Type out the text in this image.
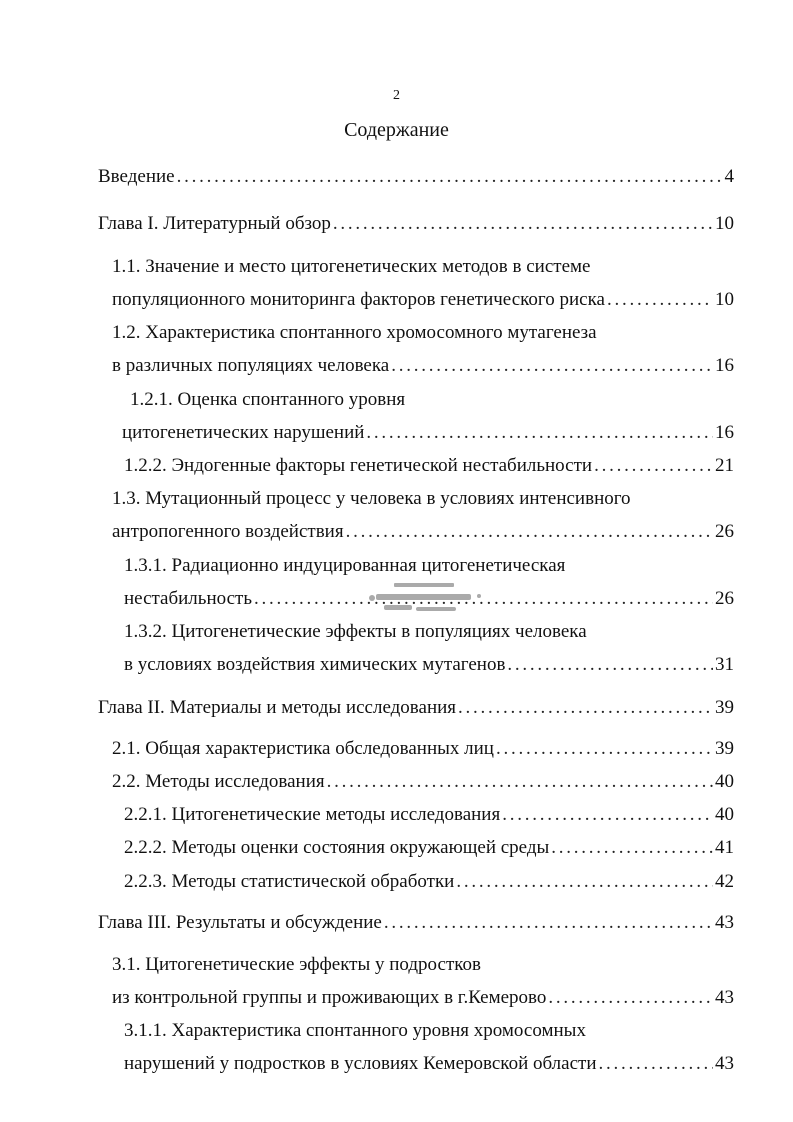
2
Содержание
Введение . . .	4
Глава I. Литературный обзор . . .	10
1.1. Значение и место цитогенетических методов в системе
популяционного мониторинга факторов генетического риска . . .	10
1.2. Характеристика спонтанного хромосомного мутагенеза
в различных популяциях человека . . .	16
1.2.1. Оценка спонтанного уровня
цитогенетических нарушений . . .	16
1.2.2. Эндогенные факторы генетической нестабильности . . .	21
1.3. Мутационный процесс у человека в условиях интенсивного
антропогенного воздействия . . .	26
1.3.1. Радиационно индуцированная цитогенетическая
нестабильность . . .	26
1.3.2. Цитогенетические эффекты в популяциях человека
в условиях воздействия химических мутагенов . . .	31
Глава II. Материалы и методы исследования . . .	39
2.1. Общая характеристика обследованных лиц . . .	39
2.2. Методы исследования . . .	40
2.2.1. Цитогенетические методы исследования . . .	40
2.2.2. Методы оценки состояния окружающей среды . . .	41
2.2.3. Методы статистической обработки . . .	42
Глава III. Результаты и обсуждение . . .	43
3.1. Цитогенетические эффекты у подростков
из контрольной группы и проживающих в г.Кемерово . . .	43
3.1.1. Характеристика спонтанного уровня хромосомных
нарушений у подростков в условиях Кемеровской области . . .	43
